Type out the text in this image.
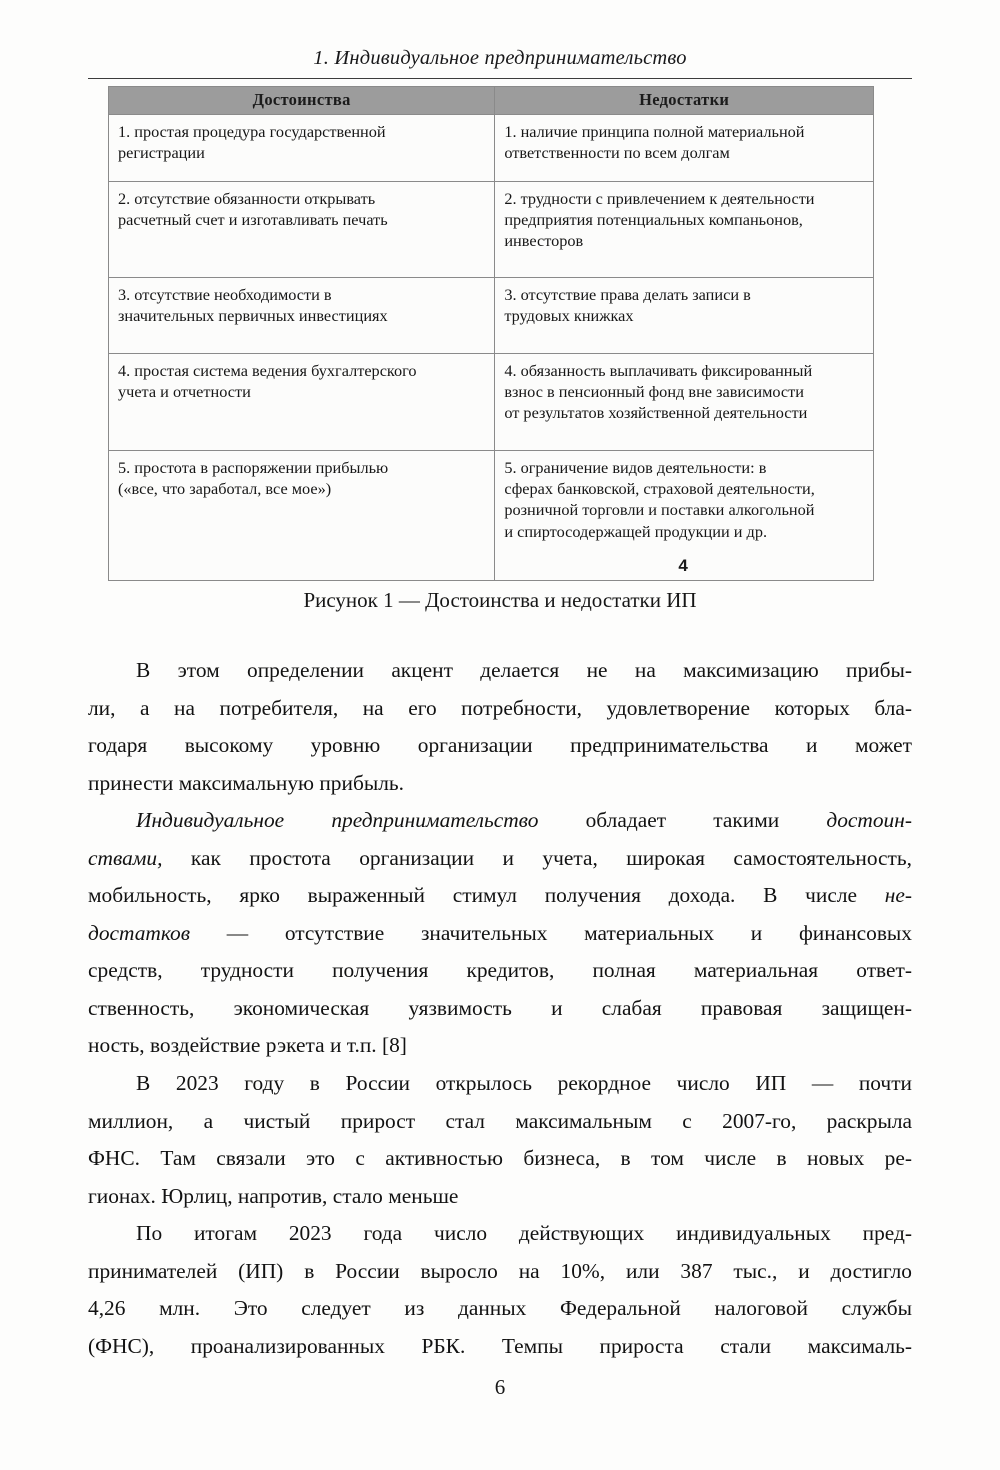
1. Индивидуальное предпринимательство
Достоинства	Недостатки

1. простая процедура государственной
регистрации	1. наличие принципа полной материальной
ответственности по всем долгам

2. отсутствие обязанности открывать
расчетный счет и изготавливать печать	2. трудности с привлечением к деятельности
предприятия потенциальных компаньонов,
инвесторов

3. отсутствие необходимости в
значительных первичных инвестициях	3. отсутствие права делать записи в
трудовых книжках

4. простая система ведения бухгалтерского
учета и отчетности	4. обязанность выплачивать фиксированный
взнос в пенсионный фонд вне зависимости
от результатов хозяйственной деятельности

5. простота в распоряжении прибылью
(«все, что заработал, все мое»)	5. ограничение видов деятельности: в
сферах банковской, страховой деятельности,
розничной торговли и поставки алкогольной
и спиртосодержащей продукции и др.
4
Рисунок 1 — Достоинства и недостатки ИП

В этом определении акцент делается не на максимизацию прибы-
ли, а на потребителя, на его потребности, удовлетворение которых бла-
годаря высокому уровню организации предпринимательства и может
принести максимальную прибыль.

Индивидуальное предпринимательство обладает такими достоин-
ствами, как простота организации и учета, широкая самостоятельность,
мобильность, ярко выраженный стимул получения дохода. В числе не-
достатков — отсутствие значительных материальных и финансовых
средств, трудности получения кредитов, полная материальная ответ-
ственность, экономическая уязвимость и слабая правовая защищен-
ность, воздействие рэкета и т.п. [8]

В 2023 году в России открылось рекордное число ИП — почти
миллион, а чистый прирост стал максимальным с 2007-го, раскрыла
ФНС. Там связали это с активностью бизнеса, в том числе в новых ре-
гионах. Юрлиц, напротив, стало меньше

По итогам 2023 года число действующих индивидуальных пред-
принимателей (ИП) в России выросло на 10%, или 387 тыс., и достигло
4,26 млн. Это следует из данных Федеральной налоговой службы
(ФНС), проанализированных РБК. Темпы прироста стали максималь-

6
